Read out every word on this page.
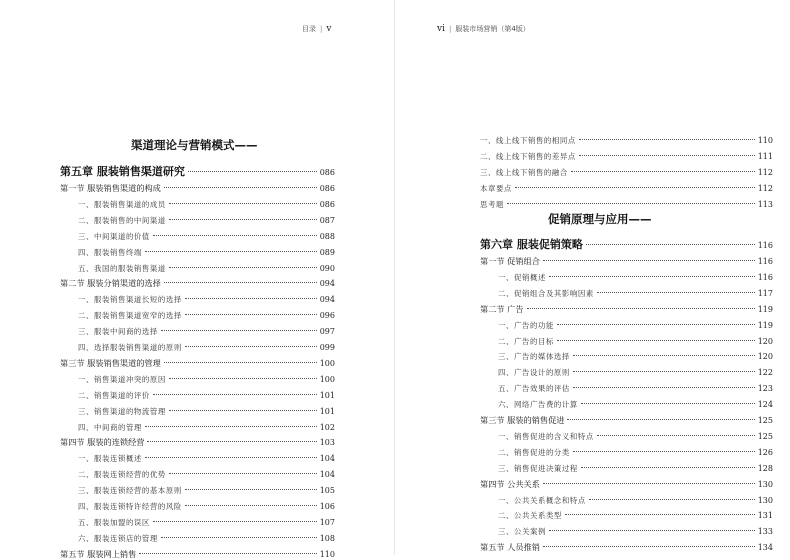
目录 | v
渠道理论与营销模式——
第五章 服装销售渠道研究	086
第一节 服装销售渠道的构成	086
一、服装销售渠道的成员	086
二、服装销售的中间渠道	087
三、中间渠道的价值	088
四、服装销售终端	089
五、我国的服装销售渠道	090
第二节 服装分销渠道的选择	094
一、服装销售渠道长短的选择	094
二、服装销售渠道宽窄的选择	096
三、服装中间商的选择	097
四、选择服装销售渠道的原则	099
第三节 服装销售渠道的管理	100
一、销售渠道冲突的原因	100
二、销售渠道的评价	101
三、销售渠道的物流管理	101
四、中间商的管理	102
第四节 服装的连锁经营	103
一、服装连锁概述	104
二、服装连锁经营的优势	104
三、服装连锁经营的基本原则	105
四、服装连锁特许经营的风险	106
五、服装加盟的误区	107
六、服装连锁店的管理	108
第五节 服装网上销售	110
vi | 服装市场营销（第4版）
一、线上线下销售的相同点	110
二、线上线下销售的差异点	111
三、线上线下销售的融合	112
本章要点	112
思考题	113
促销原理与应用——
第六章 服装促销策略	116
第一节 促销组合	116
一、促销概述	116
二、促销组合及其影响因素	117
第二节 广告	119
一、广告的功能	119
二、广告的目标	120
三、广告的媒体选择	120
四、广告设计的原则	122
五、广告效果的评估	123
六、网络广告费的计算	124
第三节 服装的销售促进	125
一、销售促进的含义和特点	125
二、销售促进的分类	126
三、销售促进决策过程	128
第四节 公共关系	130
一、公共关系概念和特点	130
二、公共关系类型	131
三、公关案例	133
第五节 人员推销	134
